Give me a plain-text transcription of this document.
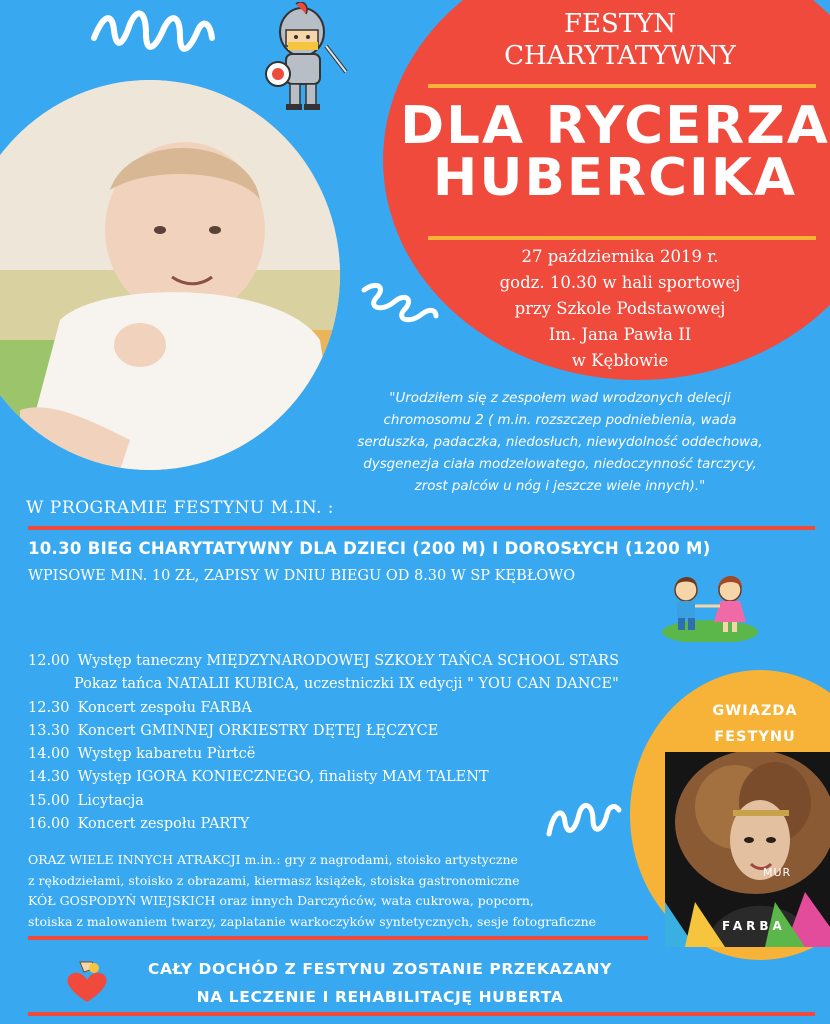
FESTYN
CHARYTATYWNY
DLA RYCERZA
HUBERCIKA
27 października 2019 r.
godz. 10.30 w hali sportowej
przy Szkole Podstawowej
Im. Jana Pawła II
w Kębłowie
"Urodziłem się z zespołem wad wrodzonych delecji
chromosomu 2 ( m.in. rozszczep podniebienia, wada
serduszka, padaczka, niedosłuch, niewydolność oddechowa,
dysgenezja ciała modzelowatego, niedoczynność tarczycy,
zrost palców u nóg i jeszcze wiele innych)."
W PROGRAMIE FESTYNU M.IN. :
10.30 BIEG CHARYTATYWNY DLA DZIECI (200 M) I DOROSŁYCH (1200 M)
WPISOWE MIN. 10 ZŁ, ZAPISY W DNIU BIEGU OD 8.30 W SP KĘBŁOWO
12.00 Występ taneczny MIĘDZYNARODOWEJ SZKOŁY TAŃCA SCHOOL STARS
Pokaz tańca NATALII KUBICA, uczestniczki IX edycji " YOU CAN DANCE"
12.30 Koncert zespołu FARBA
13.30 Koncert GMINNEJ ORKIESTRY DĘTEJ ŁĘCZYCE
14.00 Występ kabaretu Pùrtcë
14.30 Występ IGORA KONIECZNEGO, finalisty MAM TALENT
15.00 Licytacja
16.00 Koncert zespołu PARTY
ORAZ WIELE INNYCH ATRAKCJI m.in.: gry z nagrodami, stoisko artystyczne
z rękodziełami, stoisko z obrazami, kiermasz książek, stoiska gastronomiczne
KÓŁ GOSPODYŃ WIEJSKICH oraz innych Darczyńców, wata cukrowa, popcorn,
stoiska z malowaniem twarzy, zaplatanie warkoczyków syntetycznych, sesje fotograficzne
GWIAZDA
FESTYNU
MUR
FARBA
CAŁY DOCHÓD Z FESTYNU ZOSTANIE PRZEKAZANY
NA LECZENIE I REHABILITACJĘ HUBERTA
